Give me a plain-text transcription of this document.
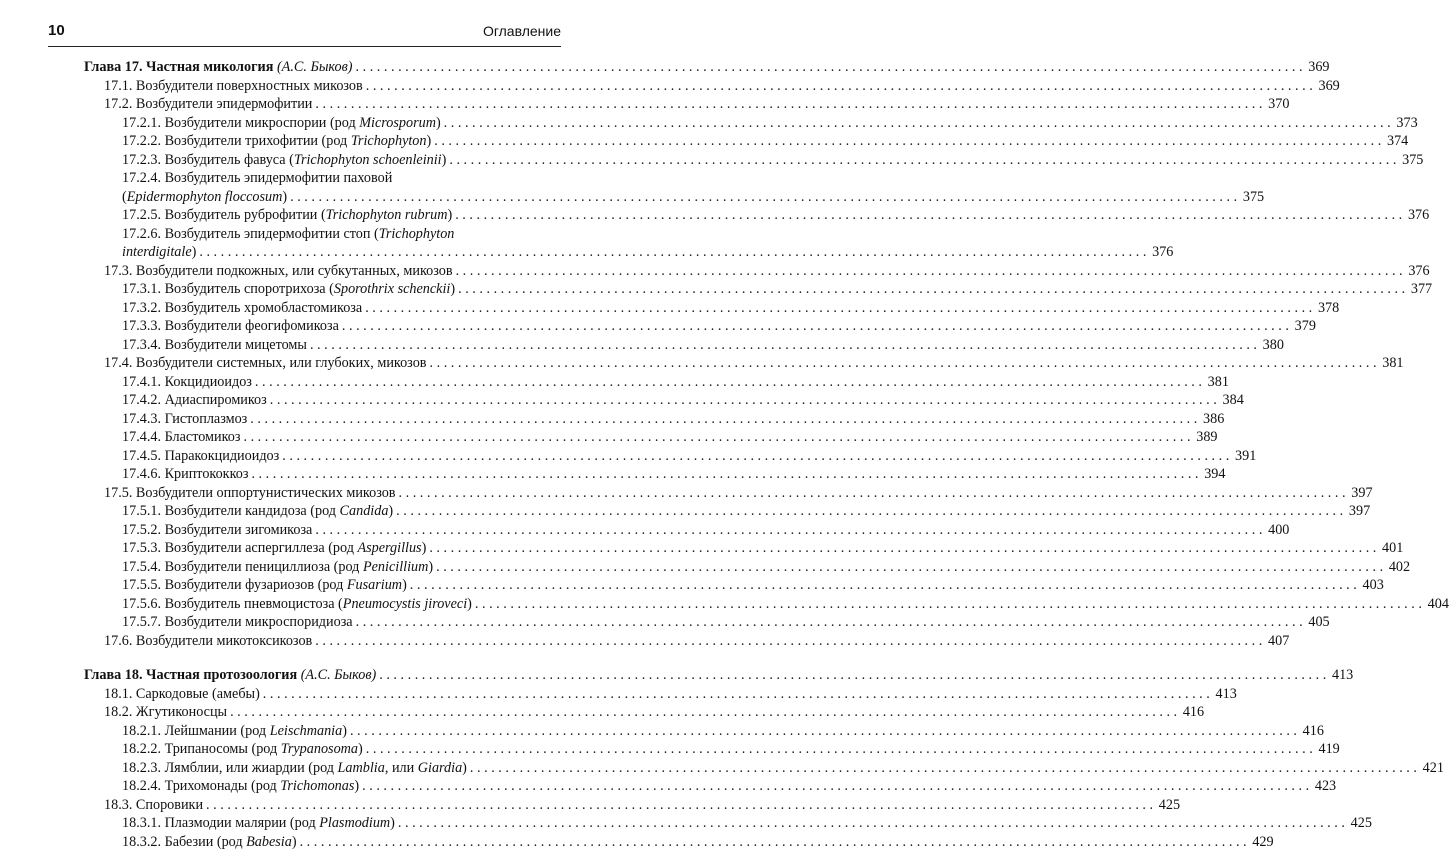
10	Оглавление
Глава 17. Частная микология (А.С. Быков) . . .	369
17.1. Возбудители поверхностных микозов . . .	369
17.2. Возбудители эпидермофитии . . .	370
17.2.1. Возбудители микроспории (род Microsporum) . . .	373
17.2.2. Возбудители трихофитии (род Trichophyton) . . .	374
17.2.3. Возбудитель фавуса (Trichophyton schoenleinii) . . .	375
17.2.4. Возбудитель эпидермофитии паховой
(Epidermophyton floccosum) . . .	375
17.2.5. Возбудитель руброфитии (Trichophyton rubrum) . . .	376
17.2.6. Возбудитель эпидермофитии стоп (Trichophyton
interdigitale) . . .	376
17.3. Возбудители подкожных, или субкутанных, микозов . . .	376
17.3.1. Возбудитель споротрихоза (Sporothrix schenckii) . . .	377
17.3.2. Возбудитель хромобластомикоза . . .	378
17.3.3. Возбудители феогифомикоза . . .	379
17.3.4. Возбудители мицетомы . . .	380
17.4. Возбудители системных, или глубоких, микозов . . .	381
17.4.1. Кокцидиоидоз . . .	381
17.4.2. Адиаспиромикоз . . .	384
17.4.3. Гистоплазмоз . . .	386
17.4.4. Бластомикоз . . .	389
17.4.5. Паракокцидиоидоз . . .	391
17.4.6. Криптококкоз . . .	394
17.5. Возбудители оппортунистических микозов . . .	397
17.5.1. Возбудители кандидоза (род Candida) . . .	397
17.5.2. Возбудители зигомикоза . . .	400
17.5.3. Возбудители аспергиллеза (род Aspergillus) . . .	401
17.5.4. Возбудители пенициллиоза (род Penicillium) . . .	402
17.5.5. Возбудители фузариозов (род Fusarium) . . .	403
17.5.6. Возбудитель пневмоцистоза (Pneumocystis jiroveci) . . .	404
17.5.7. Возбудители микроспоридиоза . . .	405
17.6. Возбудители микотоксикозов . . .	407
Глава 18. Частная протозоология (А.С. Быков) . . .	413
18.1. Саркодовые (амебы) . . .	413
18.2. Жгутиконосцы . . .	416
18.2.1. Лейшмании (род Leischmania) . . .	416
18.2.2. Трипаносомы (род Trypanosoma) . . .	419
18.2.3. Лямблии, или жиардии (род Lamblia, или Giardia) . . .	421
18.2.4. Трихомонады (род Trichomonas) . . .	423
18.3. Споровики . . .	425
18.3.1. Плазмодии малярии (род Plasmodium) . . .	425
18.3.2. Бабезии (род Babesia) . . .	429
